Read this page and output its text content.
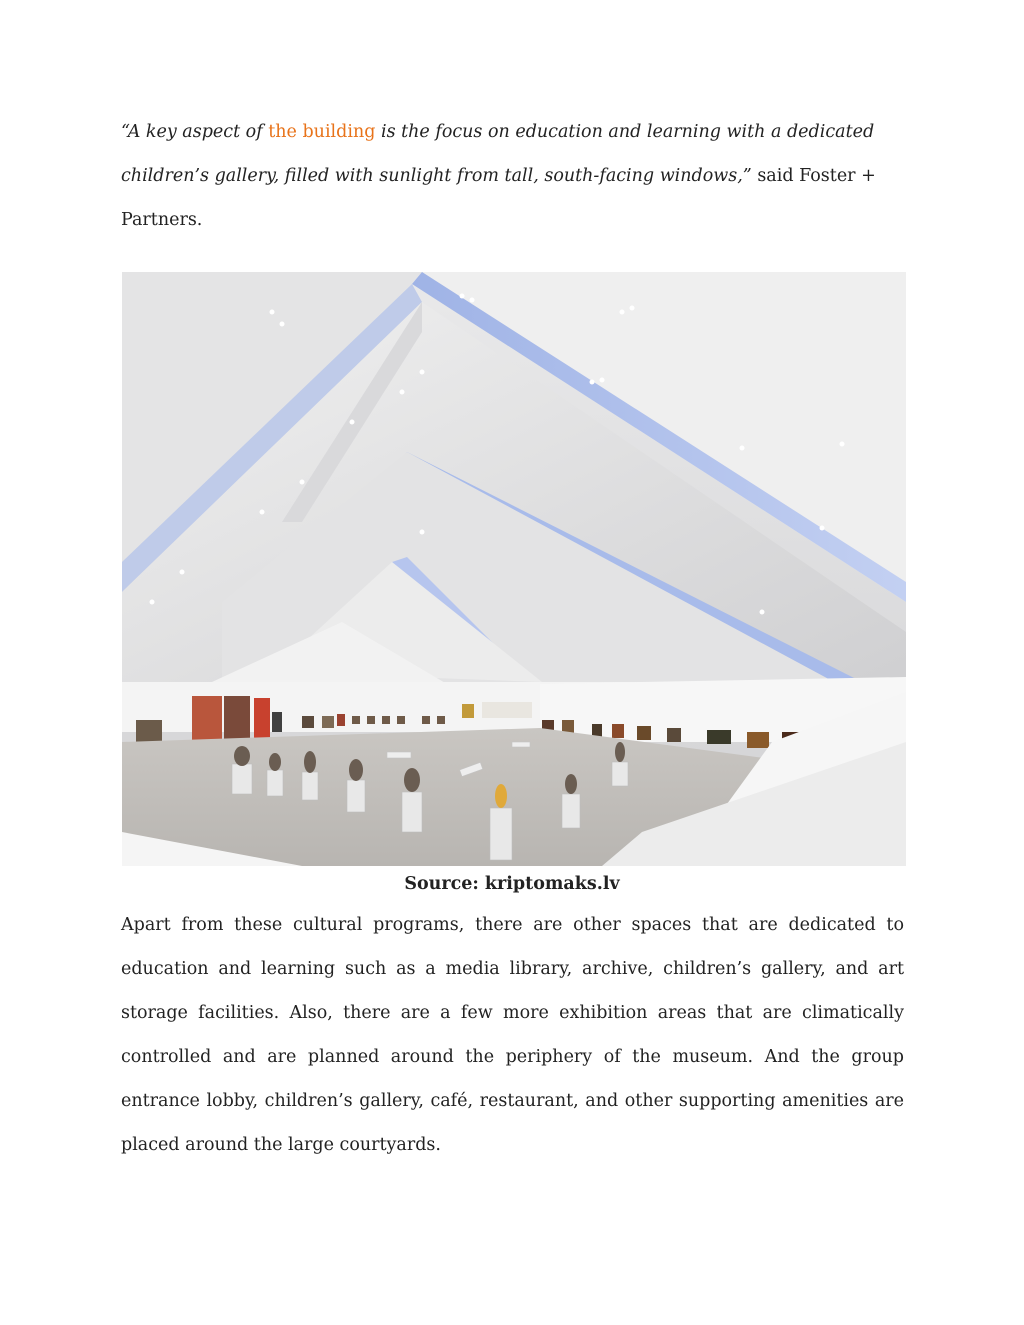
“A key aspect of the building is the focus on education and learning with a dedicated children’s gallery, filled with sunlight from tall, south-facing windows,” said Foster + Partners.

Source: kriptomaks.lv

Apart from these cultural programs, there are other spaces that are dedicated to education and learning such as a media library, archive, children’s gallery, and art storage facilities. Also, there are a few more exhibition areas that are climatically controlled and are planned around the periphery of the museum. And the group entrance lobby, children’s gallery, café, restaurant, and other supporting amenities are placed around the large courtyards.
